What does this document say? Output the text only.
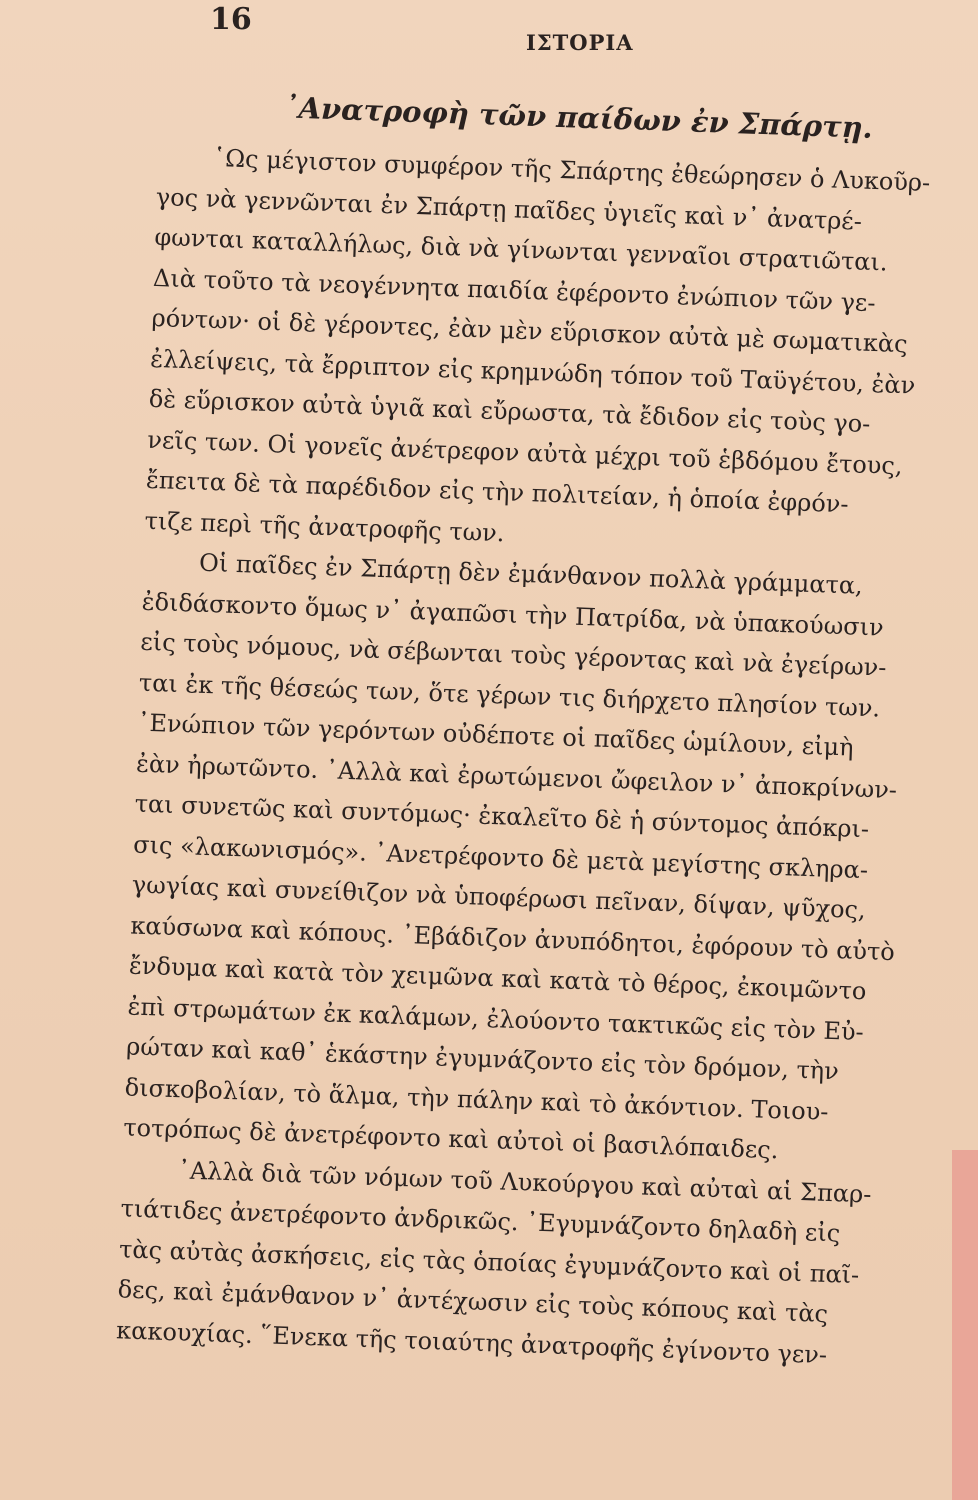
16

ΙΣΤΟΡΙΑ

᾿Ανατροφὴ τῶν παίδων ἐν Σπάρτῃ.
῾Ως μέγιστον συμφέρον τῆς Σπάρτης ἐθεώρησεν ὁ Λυκοῦρ-
γος νὰ γεννῶνται ἐν Σπάρτῃ παῖδες ὑγιεῖς καὶ ν᾿ ἀνατρέ-
φωνται καταλλήλως, διὰ νὰ γίνωνται γενναῖοι στρατιῶται.
Διὰ τοῦτο τὰ νεογέννητα παιδία ἐφέροντο ἐνώπιον τῶν γε-
ρόντων· οἱ δὲ γέροντες, ἐὰν μὲν εὕρισκον αὐτὰ μὲ σωματικὰς
ἐλλείψεις, τὰ ἔρριπτον εἰς κρημνώδη τόπον τοῦ Ταϋγέτου, ἐὰν
δὲ εὕρισκον αὐτὰ ὑγιᾶ καὶ εὔρωστα, τὰ ἔδιδον εἰς τοὺς γο-
νεῖς των. Οἱ γονεῖς ἀνέτρεφον αὐτὰ μέχρι τοῦ ἑβδόμου ἔτους,
ἔπειτα δὲ τὰ παρέδιδον εἰς τὴν πολιτείαν, ἡ ὁποία ἐφρόν-
τιζε περὶ τῆς ἀνατροφῆς των.
Οἱ παῖδες ἐν Σπάρτῃ δὲν ἐμάνθανον πολλὰ γράμματα,
ἐδιδάσκοντο ὅμως ν᾿ ἀγαπῶσι τὴν Πατρίδα, νὰ ὑπακούωσιν
εἰς τοὺς νόμους, νὰ σέβωνται τοὺς γέροντας καὶ νὰ ἐγείρων-
ται ἐκ τῆς θέσεώς των, ὅτε γέρων τις διήρχετο πλησίον των.
᾿Ενώπιον τῶν γερόντων οὐδέποτε οἱ παῖδες ὡμίλουν, εἰμὴ
ἐὰν ἠρωτῶντο. ᾿Αλλὰ καὶ ἐρωτώμενοι ὤφειλον ν᾿ ἀποκρίνων-
ται συνετῶς καὶ συντόμως· ἐκαλεῖτο δὲ ἡ σύντομος ἀπόκρι-
σις «λακωνισμός». ᾿Ανετρέφοντο δὲ μετὰ μεγίστης σκληρα-
γωγίας καὶ συνείθιζον νὰ ὑποφέρωσι πεῖναν, δίψαν, ψῦχος,
καύσωνα καὶ κόπους. ᾿Εβάδιζον ἀνυπόδητοι, ἐφόρουν τὸ αὐτὸ
ἔνδυμα καὶ κατὰ τὸν χειμῶνα καὶ κατὰ τὸ θέρος, ἐκοιμῶντο
ἐπὶ στρωμάτων ἐκ καλάμων, ἐλούοντο τακτικῶς εἰς τὸν Εὐ-
ρώταν καὶ καθ᾿ ἑκάστην ἐγυμνάζοντο εἰς τὸν δρόμον, τὴν
δισκοβολίαν, τὸ ἅλμα, τὴν πάλην καὶ τὸ ἀκόντιον. Τοιου-
τοτρόπως δὲ ἀνετρέφοντο καὶ αὐτοὶ οἱ βασιλόπαιδες.
᾿Αλλὰ διὰ τῶν νόμων τοῦ Λυκούργου καὶ αὐταὶ αἱ Σπαρ-
τιάτιδες ἀνετρέφοντο ἀνδρικῶς. ᾿Εγυμνάζοντο δηλαδὴ εἰς
τὰς αὐτὰς ἀσκήσεις, εἰς τὰς ὁποίας ἐγυμνάζοντο καὶ οἱ παῖ-
δες, καὶ ἐμάνθανον ν᾿ ἀντέχωσιν εἰς τοὺς κόπους καὶ τὰς
κακουχίας. ῞Ενεκα τῆς τοιαύτης ἀνατροφῆς ἐγίνοντο γεν-
